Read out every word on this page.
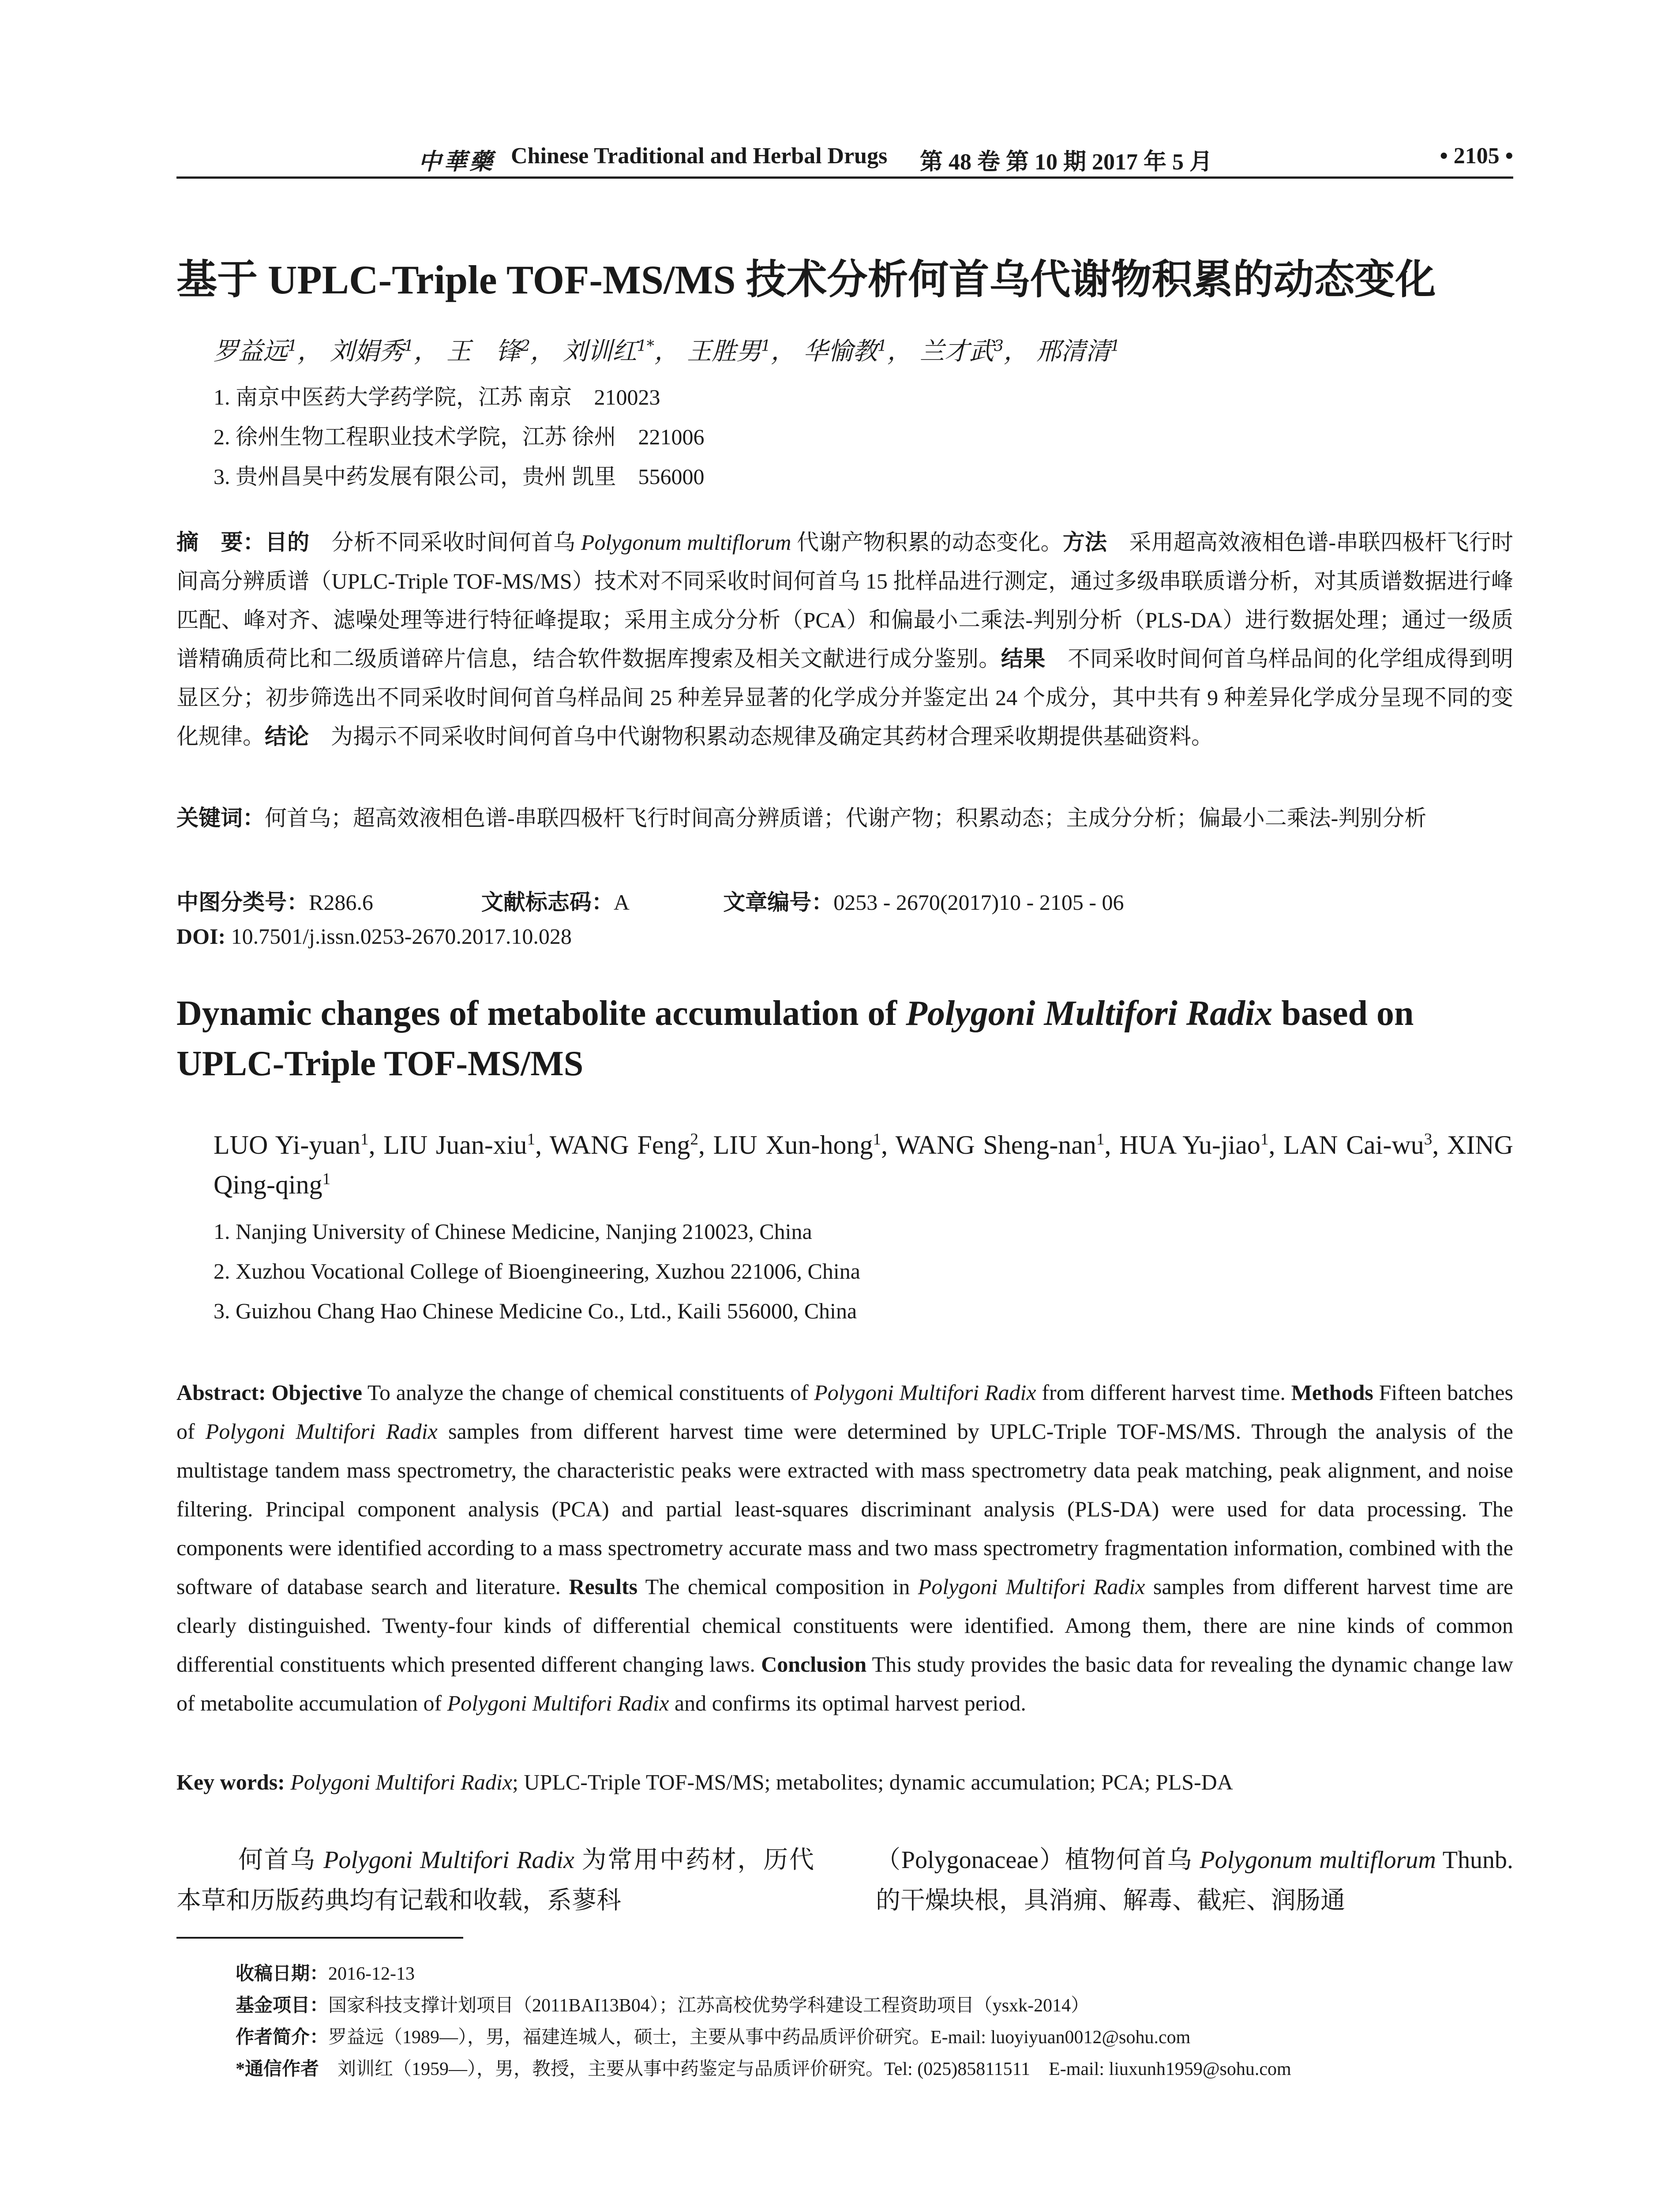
中華藥 Chinese Traditional and Herbal Drugs 第 48 卷 第 10 期 2017 年 5 月	• 2105 •
基于 UPLC-Triple TOF-MS/MS 技术分析何首乌代谢物积累的动态变化
罗益远$^1$， 刘娟秀$^1$， 王　锋$^2$， 刘训红$^{1*}$， 王胜男$^1$， 华愉教$^1$， 兰才武$^3$， 邢清清$^1$
1. 南京中医药大学药学院，江苏 南京　210023
2. 徐州生物工程职业技术学院，江苏 徐州　221006
3. 贵州昌昊中药发展有限公司，贵州 凯里　556000
摘　要：目的　分析不同采收时间何首乌 Polygonum multiflorum 代谢产物积累的动态变化。方法　采用超高效液相色谱-串联四极杆飞行时间高分辨质谱（UPLC-Triple TOF-MS/MS）技术对不同采收时间何首乌 15 批样品进行测定，通过多级串联质谱分析，对其质谱数据进行峰匹配、峰对齐、滤噪处理等进行特征峰提取；采用主成分分析（PCA）和偏最小二乘法-判别分析（PLS-DA）进行数据处理；通过一级质谱精确质荷比和二级质谱碎片信息，结合软件数据库搜索及相关文献进行成分鉴别。结果　不同采收时间何首乌样品间的化学组成得到明显区分；初步筛选出不同采收时间何首乌样品间 25 种差异显著的化学成分并鉴定出 24 个成分，其中共有 9 种差异化学成分呈现不同的变化规律。结论　为揭示不同采收时间何首乌中代谢物积累动态规律及确定其药材合理采收期提供基础资料。
关键词：何首乌；超高效液相色谱-串联四极杆飞行时间高分辨质谱；代谢产物；积累动态；主成分分析；偏最小二乘法-判别分析
中图分类号：R286.6	文献标志码：A	文章编号：0253 - 2670(2017)10 - 2105 - 06
DOI: 10.7501/j.issn.0253-2670.2017.10.028
Dynamic changes of metabolite accumulation of Polygoni Multifori Radix based on UPLC-Triple TOF-MS/MS
LUO Yi-yuan$^1$, LIU Juan-xiu$^1$, WANG Feng$^2$, LIU Xun-hong$^1$, WANG Sheng-nan$^1$, HUA Yu-jiao$^1$, LAN Cai-$wu^3$, XING Qing-qing$^1$
1. Nanjing University of Chinese Medicine, Nanjing 210023, China
2. Xuzhou Vocational College of Bioengineering, Xuzhou 221006, China
3. Guizhou Chang Hao Chinese Medicine Co., Ltd., Kaili 556000, China
Abstract: Objective To analyze the change of chemical constituents of Polygoni Multifori Radix from different harvest time. Methods Fifteen batches of Polygoni Multifori Radix samples from different harvest time were determined by UPLC-Triple TOF-MS/MS. Through the analysis of the multistage tandem mass spectrometry, the characteristic peaks were extracted with mass spectrometry data peak matching, peak alignment, and noise filtering. Principal component analysis (PCA) and partial least-squares discriminant analysis (PLS-DA) were used for data processing. The components were identified according to a mass spectrometry accurate mass and two mass spectrometry fragmentation information, combined with the software of database search and literature. Results The chemical composition in Polygoni Multifori Radix samples from different harvest time are clearly distinguished. Twenty-four kinds of differential chemical constituents were identified. Among them, there are nine kinds of common differential constituents which presented different changing laws. Conclusion This study provides the basic data for revealing the dynamic change law of metabolite accumulation of Polygoni Multifori Radix and confirms its optimal harvest period.
Key words: Polygoni Multifori Radix; UPLC-Triple TOF-MS/MS; metabolites; dynamic accumulation; PCA; PLS-DA
何首乌 Polygoni Multifori Radix 为常用中药材，历代本草和历版药典均有记载和收载，系蓼科
（Polygonaceae）植物何首乌 Polygonum multiflorum Thunb. 的干燥块根，具消痈、解毒、截疟、润肠通
收稿日期：2016-12-13
基金项目：国家科技支撑计划项目（2011BAI13B04）；江苏高校优势学科建设工程资助项目（ysxk-2014）
作者简介：罗益远（1989—），男，福建连城人，硕士，主要从事中药品质评价研究。E-mail: luoyiyuan0012@sohu.com
*通信作者　刘训红（1959—），男，教授，主要从事中药鉴定与品质评价研究。Tel: (025)85811511　E-mail: liuxunh1959@sohu.com
